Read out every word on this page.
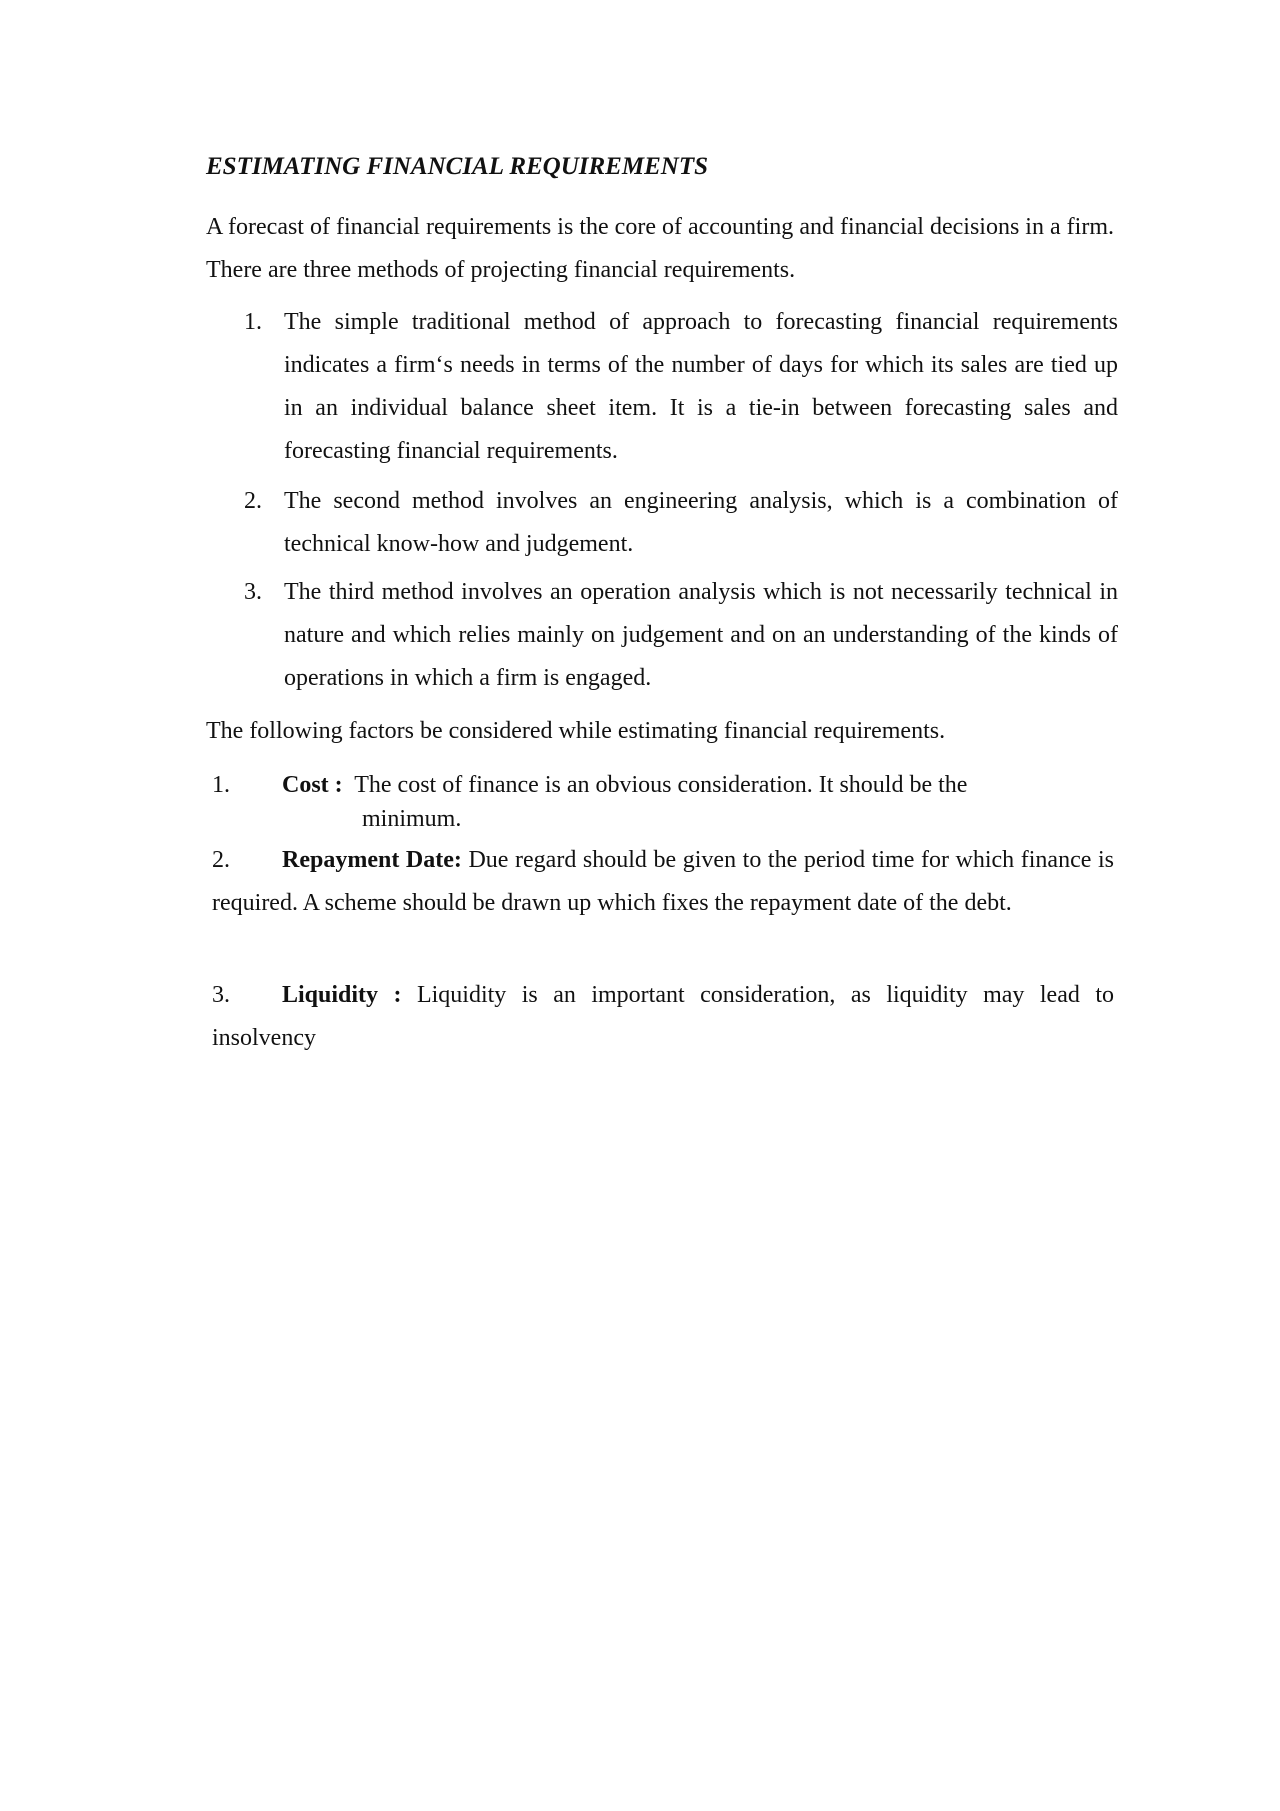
ESTIMATING FINANCIAL REQUIREMENTS

A forecast of financial requirements is the core of accounting and financial decisions in a firm. There are three methods of projecting financial requirements.

1. The simple traditional method of approach to forecasting financial requirements indicates a firm‘s needs in terms of the number of days for which its sales are tied up in an individual balance sheet item. It is a tie-in between forecasting sales and forecasting financial requirements.
2. The second method involves an engineering analysis, which is a combination of technical know-how and judgement.
3. The third method involves an operation analysis which is not necessarily technical in nature and which relies mainly on judgement and on an understanding of the kinds of operations in which a firm is engaged.

The following factors be considered while estimating financial requirements.

1. Cost : The cost of finance is an obvious consideration. It should be the
minimum.
2. Repayment Date: Due regard should be given to the period time for which finance is required. A scheme should be drawn up which fixes the repayment date of the debt.
3. Liquidity : Liquidity is an important consideration, as liquidity may lead to insolvency
